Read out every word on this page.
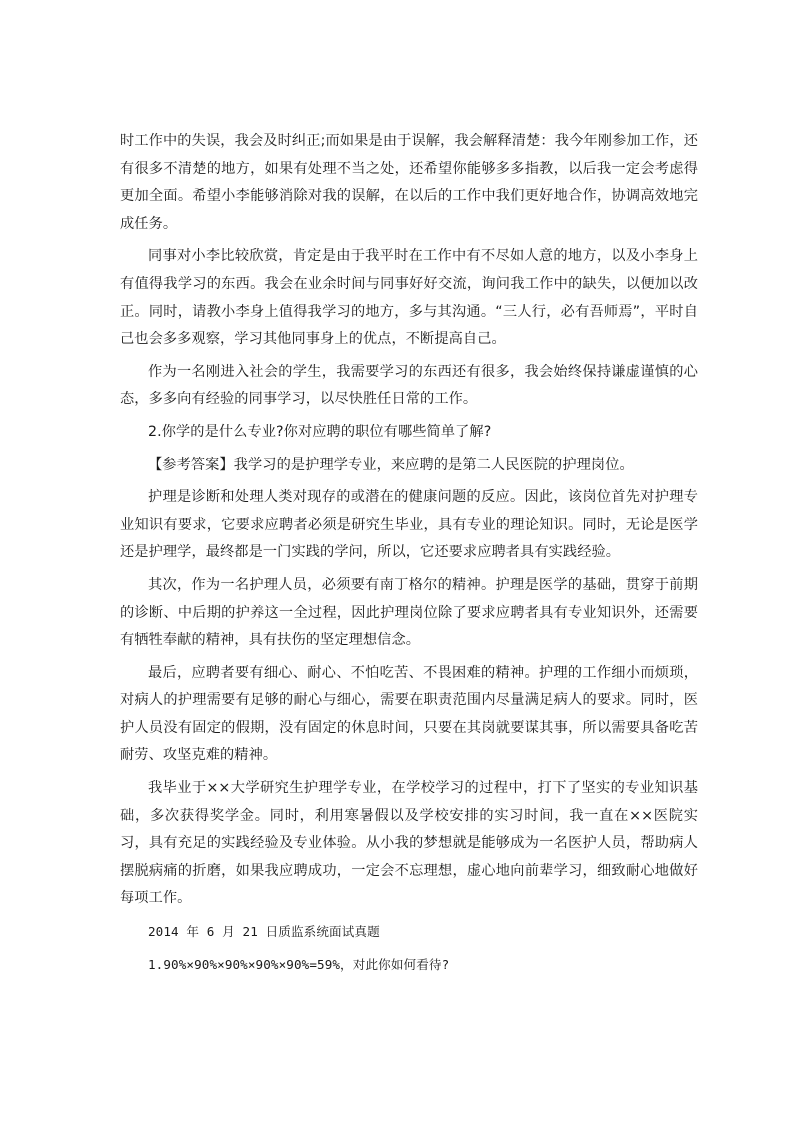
时工作中的失误，我会及时纠正;而如果是由于误解，我会解释清楚：我今年刚参加工作，还有很多不清楚的地方，如果有处理不当之处，还希望你能够多多指教，以后我一定会考虑得更加全面。希望小李能够消除对我的误解，在以后的工作中我们更好地合作，协调高效地完成任务。

同事对小李比较欣赏，肯定是由于我平时在工作中有不尽如人意的地方，以及小李身上有值得我学习的东西。我会在业余时间与同事好好交流，询问我工作中的缺失，以便加以改正。同时，请教小李身上值得我学习的地方，多与其沟通。“三人行，必有吾师焉”，平时自己也会多多观察，学习其他同事身上的优点，不断提高自己。

作为一名刚进入社会的学生，我需要学习的东西还有很多，我会始终保持谦虚谨慎的心态，多多向有经验的同事学习，以尽快胜任日常的工作。

2.你学的是什么专业?你对应聘的职位有哪些简单了解?

【参考答案】我学习的是护理学专业，来应聘的是第二人民医院的护理岗位。

护理是诊断和处理人类对现存的或潜在的健康问题的反应。因此，该岗位首先对护理专业知识有要求，它要求应聘者必须是研究生毕业，具有专业的理论知识。同时，无论是医学还是护理学，最终都是一门实践的学问，所以，它还要求应聘者具有实践经验。

其次，作为一名护理人员，必须要有南丁格尔的精神。护理是医学的基础，贯穿于前期的诊断、中后期的护养这一全过程，因此护理岗位除了要求应聘者具有专业知识外，还需要有牺牲奉献的精神，具有扶伤的坚定理想信念。

最后，应聘者要有细心、耐心、不怕吃苦、不畏困难的精神。护理的工作细小而烦琐，对病人的护理需要有足够的耐心与细心，需要在职责范围内尽量满足病人的要求。同时，医护人员没有固定的假期，没有固定的休息时间，只要在其岗就要谋其事，所以需要具备吃苦耐劳、攻坚克难的精神。

我毕业于××大学研究生护理学专业，在学校学习的过程中，打下了坚实的专业知识基础，多次获得奖学金。同时，利用寒暑假以及学校安排的实习时间，我一直在××医院实习，具有充足的实践经验及专业体验。从小我的梦想就是能够成为一名医护人员，帮助病人摆脱病痛的折磨，如果我应聘成功，一定会不忘理想，虚心地向前辈学习，细致耐心地做好每项工作。

2014 年 6 月 21 日质监系统面试真题

1.90%×90%×90%×90%×90%=59%，对此你如何看待?
